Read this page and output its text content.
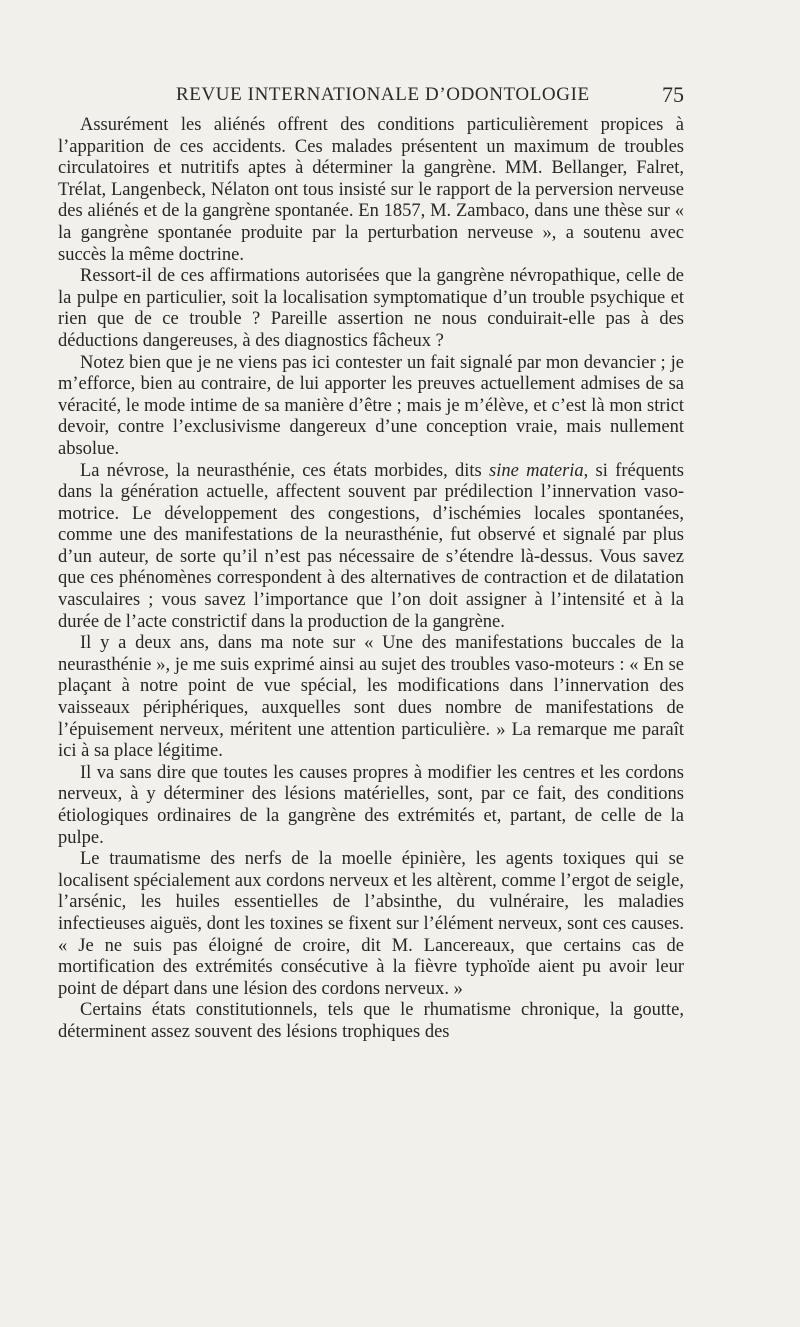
REVUE INTERNATIONALE D’ODONTOLOGIE	75

Assurément les aliénés offrent des conditions particulièrement propices à l’apparition de ces accidents. Ces malades présentent un maximum de troubles circulatoires et nutritifs aptes à déterminer la gangrène. MM. Bellanger, Falret, Trélat, Langenbeck, Nélaton ont tous insisté sur le rapport de la perversion nerveuse des aliénés et de la gangrène spontanée. En 1857, M. Zambaco, dans une thèse sur « la gangrène spontanée produite par la perturbation nerveuse », a soutenu avec succès la même doctrine.

Ressort-il de ces affirmations autorisées que la gangrène névropathique, celle de la pulpe en particulier, soit la localisation symptomatique d’un trouble psychique et rien que de ce trouble ? Pareille assertion ne nous conduirait-elle pas à des déductions dangereuses, à des diagnostics fâcheux ?

Notez bien que je ne viens pas ici contester un fait signalé par mon devancier ; je m’efforce, bien au contraire, de lui apporter les preuves actuellement admises de sa véracité, le mode intime de sa manière d’être ; mais je m’élève, et c’est là mon strict devoir, contre l’exclusivisme dangereux d’une conception vraie, mais nullement absolue.

La névrose, la neurasthénie, ces états morbides, dits sine materia, si fréquents dans la génération actuelle, affectent souvent par prédilection l’innervation vaso-motrice. Le développement des congestions, d’ischémies locales spontanées, comme une des manifestations de la neurasthénie, fut observé et signalé par plus d’un auteur, de sorte qu’il n’est pas nécessaire de s’étendre là-dessus. Vous savez que ces phénomènes correspondent à des alternatives de contraction et de dilatation vasculaires ; vous savez l’importance que l’on doit assigner à l’intensité et à la durée de l’acte constrictif dans la production de la gangrène.

Il y a deux ans, dans ma note sur « Une des manifestations buccales de la neurasthénie », je me suis exprimé ainsi au sujet des troubles vaso-moteurs : « En se plaçant à notre point de vue spécial, les modifications dans l’innervation des vaisseaux périphériques, auxquelles sont dues nombre de manifestations de l’épuisement nerveux, méritent une attention particulière. » La remarque me paraît ici à sa place légitime.

Il va sans dire que toutes les causes propres à modifier les centres et les cordons nerveux, à y déterminer des lésions matérielles, sont, par ce fait, des conditions étiologiques ordinaires de la gangrène des extrémités et, partant, de celle de la pulpe.

Le traumatisme des nerfs de la moelle épinière, les agents toxiques qui se localisent spécialement aux cordons nerveux et les altèrent, comme l’ergot de seigle, l’arsénic, les huiles essentielles de l’absinthe, du vulnéraire, les maladies infectieuses aiguës, dont les toxines se fixent sur l’élément nerveux, sont ces causes. « Je ne suis pas éloigné de croire, dit M. Lancereaux, que certains cas de mortification des extrémités consécutive à la fièvre typhoïde aient pu avoir leur point de départ dans une lésion des cordons nerveux. »

Certains états constitutionnels, tels que le rhumatisme chronique, la goutte, déterminent assez souvent des lésions trophiques des
